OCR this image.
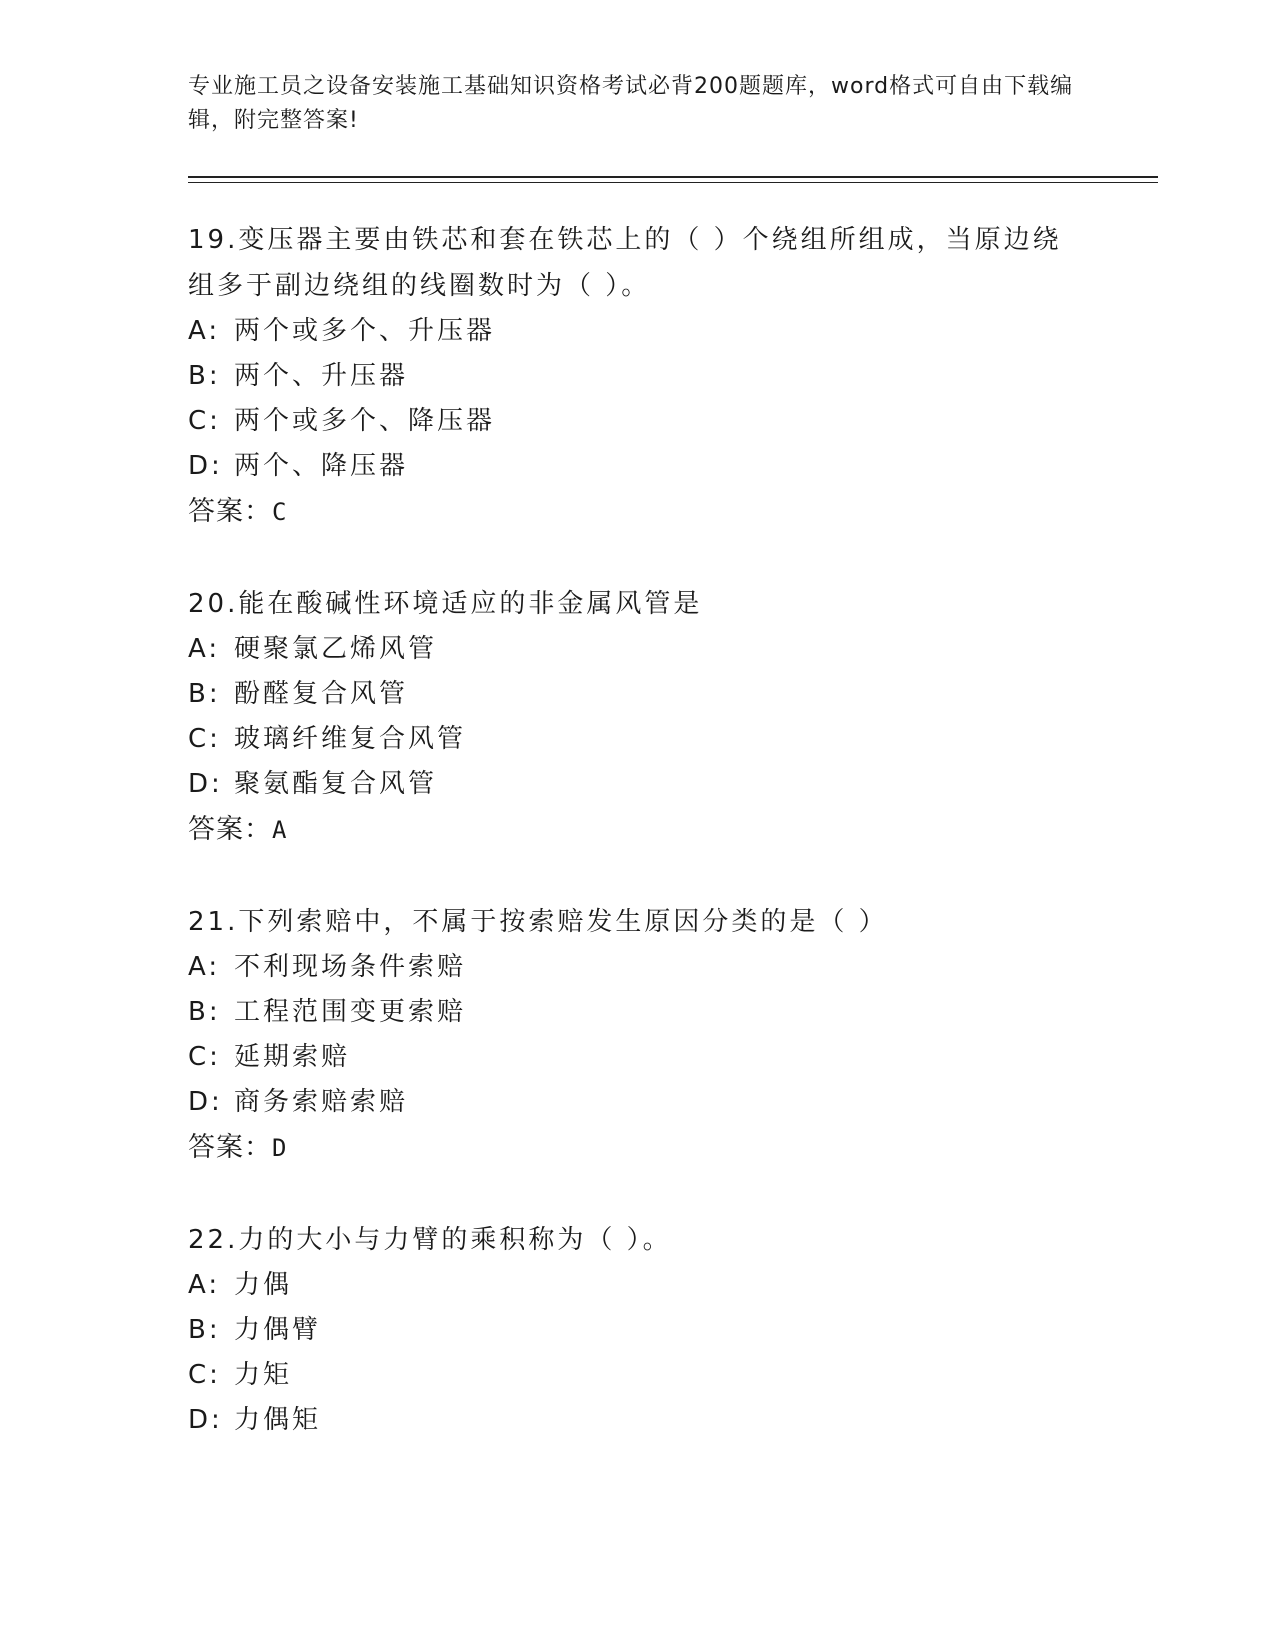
专业施工员之设备安装施工基础知识资格考试必背200题题库，word格式可自由下载编辑，附完整答案!

19.变压器主要由铁芯和套在铁芯上的（ ）个绕组所组成，当原边绕组多于副边绕组的线圈数时为（ ）。

A: 两个或多个、升压器
B: 两个、升压器
C: 两个或多个、降压器
D: 两个、降压器

答案：C

20.能在酸碱性环境适应的非金属风管是

A: 硬聚氯乙烯风管
B: 酚醛复合风管
C: 玻璃纤维复合风管
D: 聚氨酯复合风管

答案：A

21.下列索赔中，不属于按索赔发生原因分类的是（ ）

A: 不利现场条件索赔
B: 工程范围变更索赔
C: 延期索赔
D: 商务索赔索赔

答案：D

22.力的大小与力臂的乘积称为（ ）。

A: 力偶
B: 力偶臂
C: 力矩
D: 力偶矩
